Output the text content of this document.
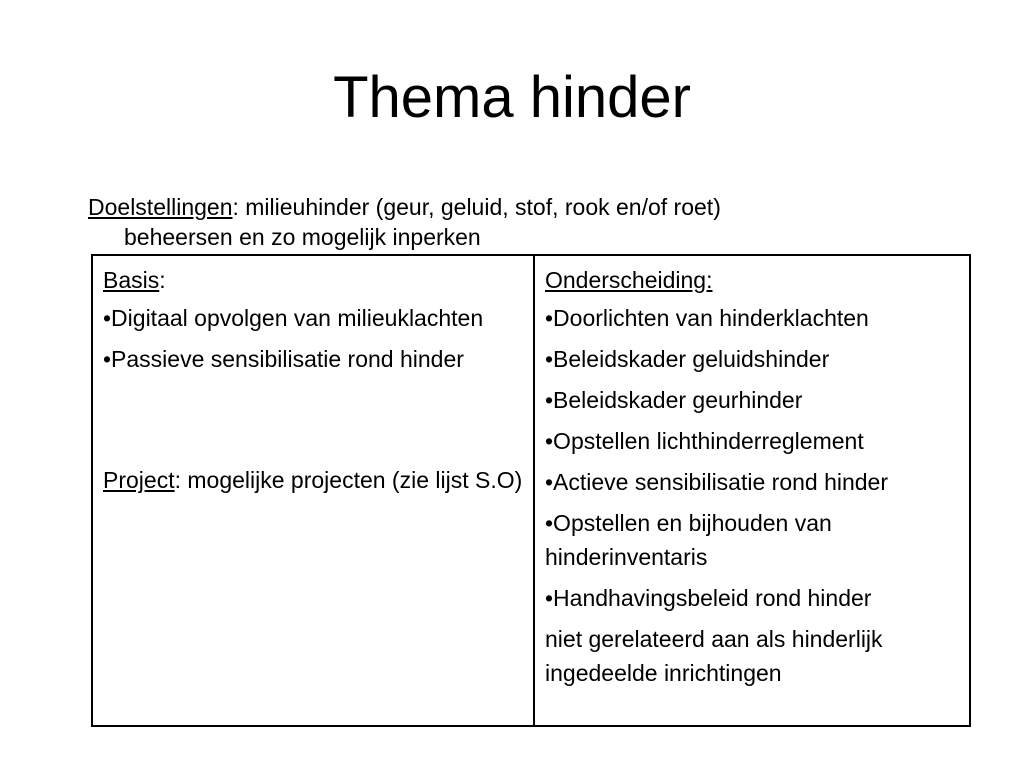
Thema hinder

Doelstellingen: milieuhinder (geur, geluid, stof, rook en/of roet)
beheersen en zo mogelijk inperken

Basis:
•Digitaal opvolgen van milieuklachten
•Passieve sensibilisatie rond hinder
Project: mogelijke projecten (zie lijst S.O)
Onderscheiding:
•Doorlichten van hinderklachten
•Beleidskader geluidshinder
•Beleidskader geurhinder
•Opstellen lichthinderreglement
•Actieve sensibilisatie rond hinder
•Opstellen en bijhouden van hinderinventaris
•Handhavingsbeleid rond hinder
niet gerelateerd aan als hinderlijk ingedeelde inrichtingen
